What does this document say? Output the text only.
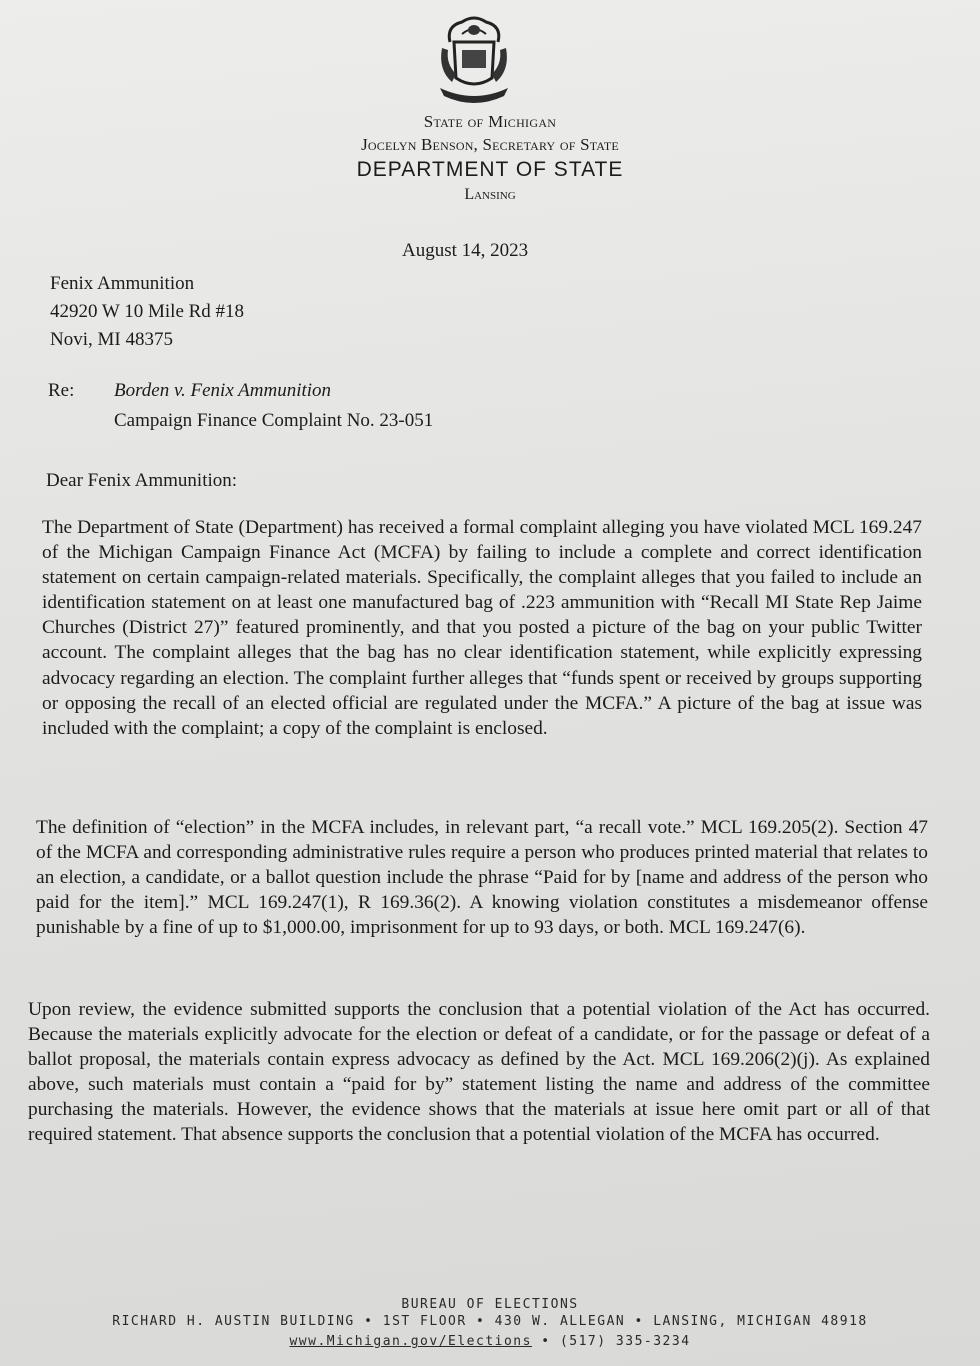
State of Michigan
Jocelyn Benson, Secretary of State
DEPARTMENT OF STATE
Lansing
August 14, 2023
Fenix Ammunition
42920 W 10 Mile Rd #18
Novi, MI 48375
Re: Borden v. Fenix Ammunition
Campaign Finance Complaint No. 23-051
Dear Fenix Ammunition:

The Department of State (Department) has received a formal complaint alleging you have violated MCL 169.247 of the Michigan Campaign Finance Act (MCFA) by failing to include a complete and correct identification statement on certain campaign-related materials. Specifically, the complaint alleges that you failed to include an identification statement on at least one manufactured bag of .223 ammunition with “Recall MI State Rep Jaime Churches (District 27)” featured prominently, and that you posted a picture of the bag on your public Twitter account. The complaint alleges that the bag has no clear identification statement, while explicitly expressing advocacy regarding an election. The complaint further alleges that “funds spent or received by groups supporting or opposing the recall of an elected official are regulated under the MCFA.” A picture of the bag at issue was included with the complaint; a copy of the complaint is enclosed.

The definition of “election” in the MCFA includes, in relevant part, “a recall vote.” MCL 169.205(2). Section 47 of the MCFA and corresponding administrative rules require a person who produces printed material that relates to an election, a candidate, or a ballot question include the phrase “Paid for by [name and address of the person who paid for the item].” MCL 169.247(1), R 169.36(2). A knowing violation constitutes a misdemeanor offense punishable by a fine of up to $1,000.00, imprisonment for up to 93 days, or both. MCL 169.247(6).

Upon review, the evidence submitted supports the conclusion that a potential violation of the Act has occurred. Because the materials explicitly advocate for the election or defeat of a candidate, or for the passage or defeat of a ballot proposal, the materials contain express advocacy as defined by the Act. MCL 169.206(2)(j). As explained above, such materials must contain a “paid for by” statement listing the name and address of the committee purchasing the materials. However, the evidence shows that the materials at issue here omit part or all of that required statement. That absence supports the conclusion that a potential violation of the MCFA has occurred.

BUREAU OF ELECTIONS
RICHARD H. AUSTIN BUILDING • 1ST FLOOR • 430 W. ALLEGAN • LANSING, MICHIGAN 48918
www.Michigan.gov/Elections • (517) 335-3234
